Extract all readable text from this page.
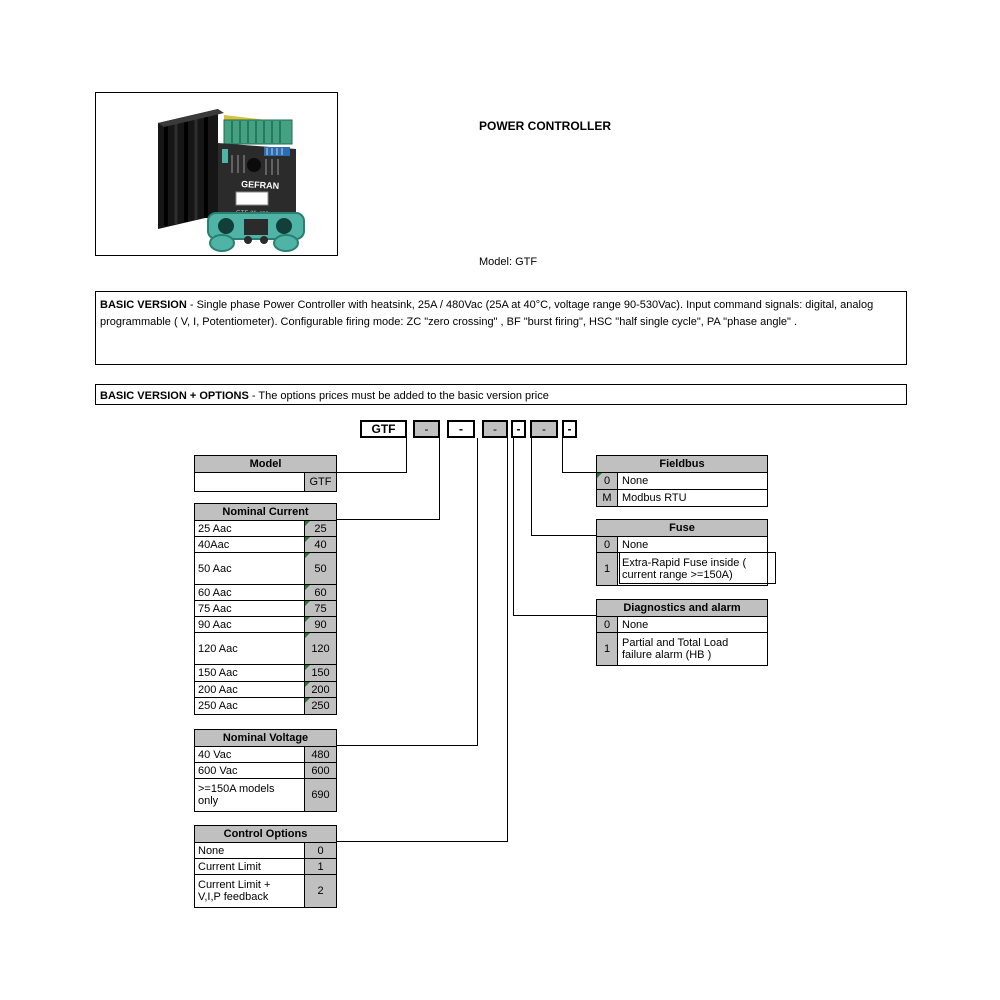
GEFRAN
POWER CONTROLLER
Model: GTF
BASIC VERSION - Single phase Power Controller with heatsink, 25A / 480Vac (25A at 40°C, voltage range 90-530Vac). Input command signals: digital, analog programmable ( V, I, Potentiometer). Configurable firing mode: ZC "zero crossing" , BF "burst firing", HSC "half single cycle", PA "phase angle" .
BASIC VERSION + OPTIONS - The options prices must be added to the basic version price
GTF	-	-	-	-	-	-
Model
GTF
Nominal Current
25 Aac	25
40Aac	40
50 Aac	50
60 Aac	60
75 Aac	75
90 Aac	90
120 Aac	120
150 Aac	150
200 Aac	200
250 Aac	250
Nominal Voltage
40 Vac	480
600 Vac	600
>=150A models
only	690
Control Options
None	0
Current Limit	1
Current Limit +
V,I,P feedback	2
Fieldbus
0	None
M Modbus RTU
Fuse
0	None
1	Extra-Rapid Fuse inside (
current range >=150A)
Diagnostics and alarm
0	None
1	Partial and Total Load
failure alarm (HB )
